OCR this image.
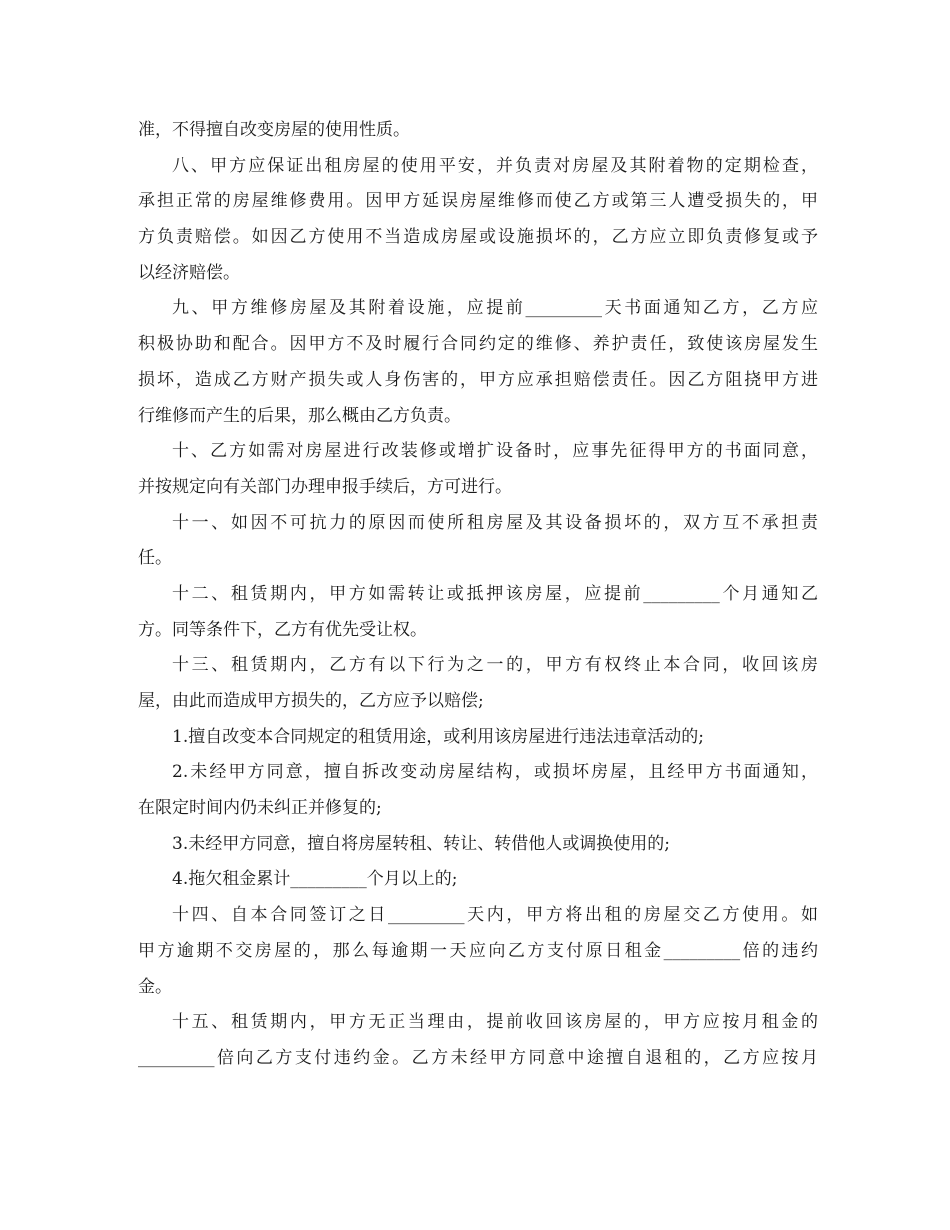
准，不得擅自改变房屋的使用性质。
八、甲方应保证出租房屋的使用平安，并负责对房屋及其附着物的定期检查，
承担正常的房屋维修费用。因甲方延误房屋维修而使乙方或第三人遭受损失的，甲
方负责赔偿。如因乙方使用不当造成房屋或设施损坏的，乙方应立即负责修复或予
以经济赔偿。
九、甲方维修房屋及其附着设施，应提前_________天书面通知乙方，乙方应
积极协助和配合。因甲方不及时履行合同约定的维修、养护责任，致使该房屋发生
损坏，造成乙方财产损失或人身伤害的，甲方应承担赔偿责任。因乙方阻挠甲方进
行维修而产生的后果，那么概由乙方负责。
十、乙方如需对房屋进行改装修或增扩设备时，应事先征得甲方的书面同意，
并按规定向有关部门办理申报手续后，方可进行。
十一、如因不可抗力的原因而使所租房屋及其设备损坏的，双方互不承担责
任。
十二、租赁期内，甲方如需转让或抵押该房屋，应提前_________个月通知乙
方。同等条件下，乙方有优先受让权。
十三、租赁期内，乙方有以下行为之一的，甲方有权终止本合同，收回该房
屋，由此而造成甲方损失的，乙方应予以赔偿;
1.擅自改变本合同规定的租赁用途，或利用该房屋进行违法违章活动的;
2.未经甲方同意，擅自拆改变动房屋结构，或损坏房屋，且经甲方书面通知，
在限定时间内仍未纠正并修复的;
3.未经甲方同意，擅自将房屋转租、转让、转借他人或调换使用的;
4.拖欠租金累计_________个月以上的;
十四、自本合同签订之日_________天内，甲方将出租的房屋交乙方使用。如
甲方逾期不交房屋的，那么每逾期一天应向乙方支付原日租金_________倍的违约
金。
十五、租赁期内，甲方无正当理由，提前收回该房屋的，甲方应按月租金的
_________倍向乙方支付违约金。乙方未经甲方同意中途擅自退租的，乙方应按月
